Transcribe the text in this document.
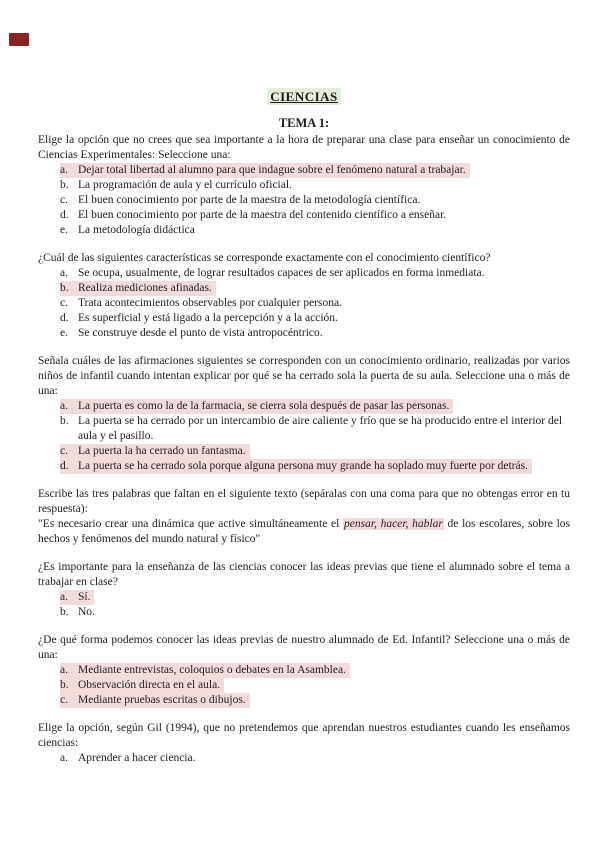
CIENCIAS
TEMA 1:

Elige la opción que no crees que sea importante a la hora de preparar una clase para enseñar un conocimiento de Ciencias Experimentales: Seleccione una:

a. Dejar total libertad al alumno para que indague sobre el fenómeno natural a trabajar.
b. La programación de aula y el currículo oficial.
c. El buen conocimiento por parte de la maestra de la metodología científica.
d. El buen conocimiento por parte de la maestra del contenido científico a enseñar.
e. La metodología didáctica

¿Cuál de las siguientes características se corresponde exactamente con el conocimiento científico?

a. Se ocupa, usualmente, de lograr resultados capaces de ser aplicados en forma inmediata.
b. Realiza mediciones afinadas.
c. Trata acontecimientos observables por cualquier persona.
d. Es superficial y está ligado a la percepción y a la acción.
e. Se construye desde el punto de vista antropocéntrico.

Señala cuáles de las afirmaciones siguientes se corresponden con un conocimiento ordinario, realizadas por varios niños de infantil cuando intentan explicar por qué se ha cerrado sola la puerta de su aula. Seleccione una o más de una:

a. La puerta es como la de la farmacia, se cierra sola después de pasar las personas.
b. La puerta se ha cerrado por un intercambio de aire caliente y frío que se ha producido entre el interior del aula y el pasillo.
c. La puerta la ha cerrado un fantasma.
d. La puerta se ha cerrado sola porque alguna persona muy grande ha soplado muy fuerte por detrás.

Escribe las tres palabras que faltan en el siguiente texto (sepáralas con una coma para que no obtengas error en tu respuesta):

"Es necesario crear una dinámica que active simultáneamente el pensar, hacer, hablar de los escolares, sobre los hechos y fenómenos del mundo natural y físico"

¿Es importante para la enseñanza de las ciencias conocer las ideas previas que tiene el alumnado sobre el tema a trabajar en clase?

a. Sí.
b. No.

¿De qué forma podemos conocer las ideas previas de nuestro alumnado de Ed. Infantil? Seleccione una o más de una:

a. Mediante entrevistas, coloquios o debates en la Asamblea.
b. Observación directa en el aula.
c. Mediante pruebas escritas o dibujos.

Elige la opción, según Gil (1994), que no pretendemos que aprendan nuestros estudiantes cuando les enseñamos ciencias:

a. Aprender a hacer ciencia.
